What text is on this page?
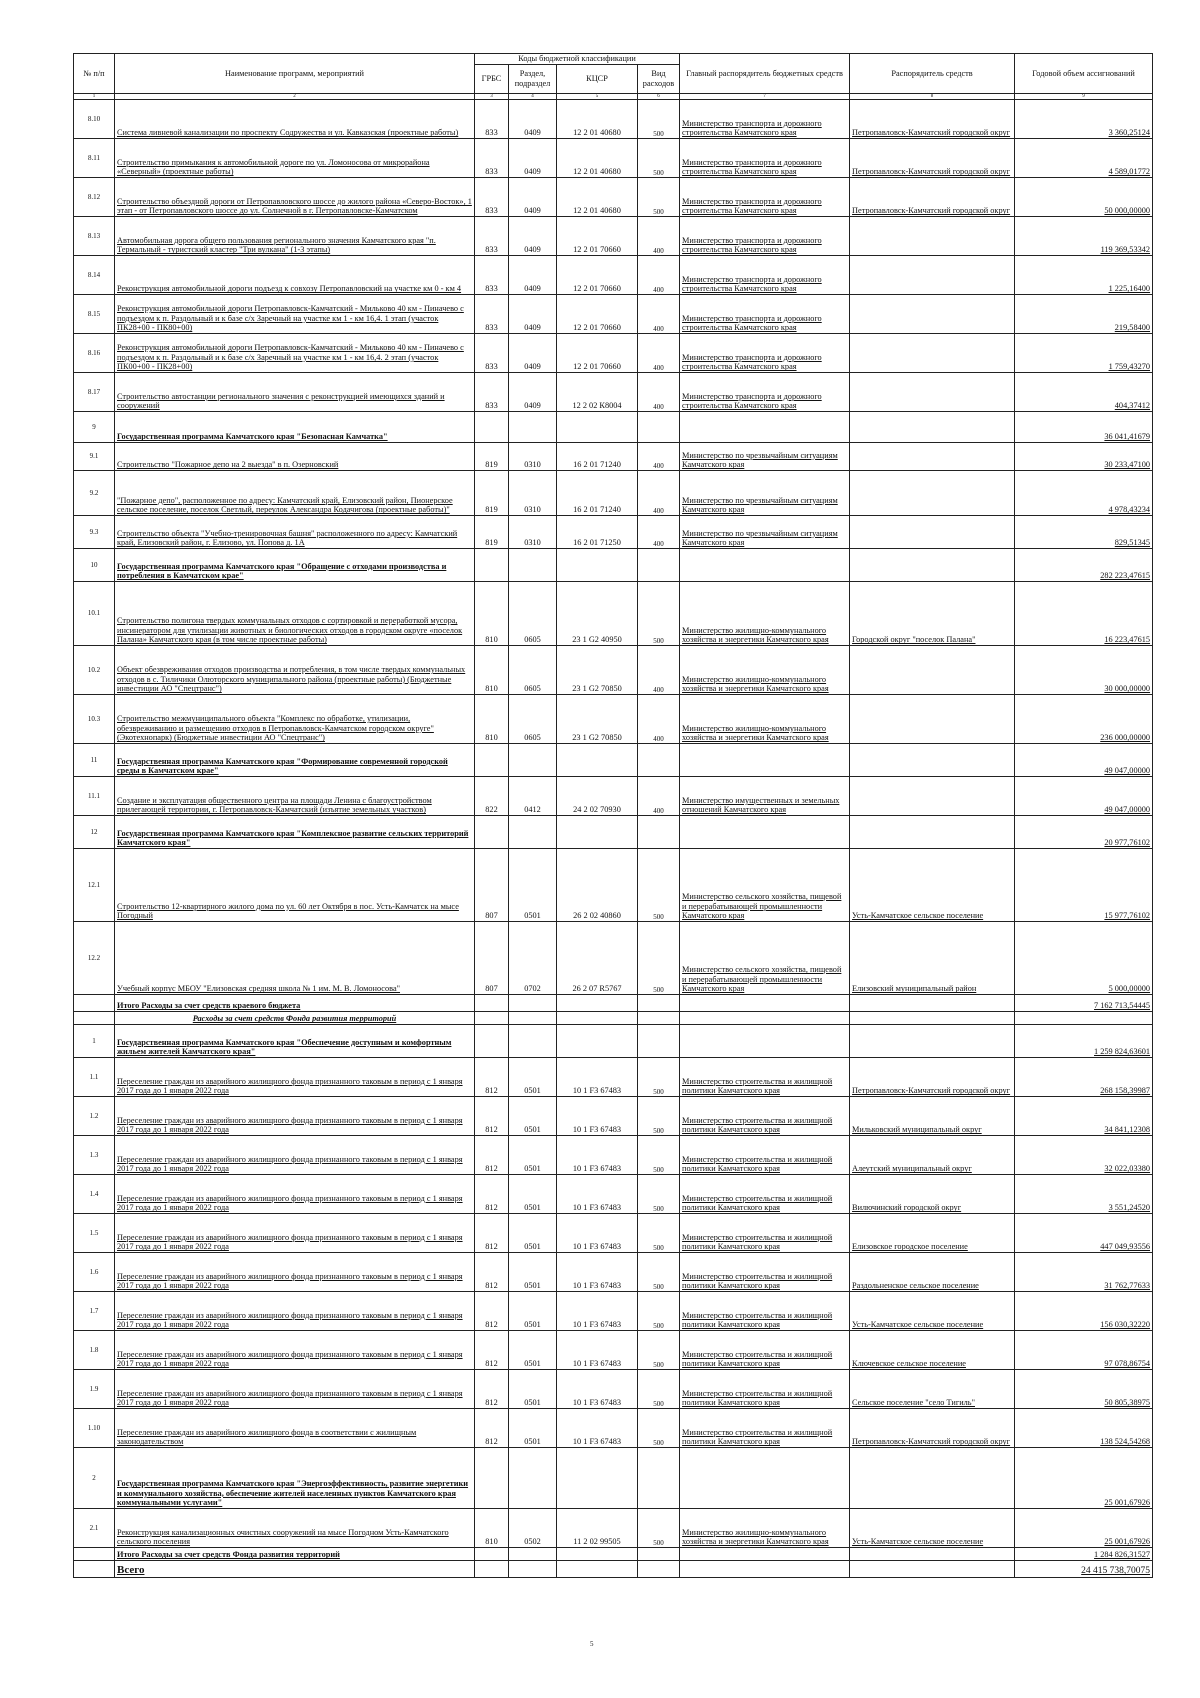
№ п/п	Наименование программ, мероприятий	Коды бюджетной классификации				Главный распорядитель бюджетных средств	Распорядитель средств	Годовой объем ассигнований
		ГРБС	Раздел, подраздел	КЦСР	Вид расходов			
1	2	3	4	5	6	7	8	9
8.10	Система ливневой канализации по проспекту Содружества и ул. Кавказская (проектные работы)	833	0409	12 2 01 40680	500	Министерство транспорта и дорожного строительства Камчатского края	Петропавловск-Камчатский городской округ	3 360,25124
8.11	Строительство примыкания к автомобильной дороге по ул. Ломоносова от микрорайона «Северный» (проектные работы)	833	0409	12 2 01 40680	500	Министерство транспорта и дорожного строительства Камчатского края	Петропавловск-Камчатский городской округ	4 589,01772
8.12	Строительство объездной дороги от Петропавловского шоссе до жилого района «Северо-Восток», 1 этап - от Петропавловского шоссе до ул. Солнечной в г. Петропавловске-Камчатском	833	0409	12 2 01 40680	500	Министерство транспорта и дорожного строительства Камчатского края	Петропавловск-Камчатский городской округ	50 000,00000
8.13	Автомобильная дорога общего пользования регионального значения Камчатского края "п. Термальный - туристский кластер "Три вулкана" (1-3 этапы)	833	0409	12 2 01 70660	400	Министерство транспорта и дорожного строительства Камчатского края		119 369,53342
8.14	Реконструкция автомобильной дороги подъезд к совхозу Петропавловский на участке км 0 - км 4	833	0409	12 2 01 70660	400	Министерство транспорта и дорожного строительства Камчатского края		1 225,16400
8.15	Реконструкция автомобильной дороги Петропавловск-Камчатский - Мильково 40 км - Пиначево с подъездом к п. Раздольный и к базе с/х Заречный на участке км 1 - км 16,4. 1 этап (участок ПК28+00 - ПК80+00)	833	0409	12 2 01 70660	400	Министерство транспорта и дорожного строительства Камчатского края		219,58400
8.16	Реконструкция автомобильной дороги Петропавловск-Камчатский - Мильково 40 км - Пиначево с подъездом к п. Раздольный и к базе с/х Заречный на участке км 1 - км 16,4. 2 этап (участок ПК00+00 - ПК28+00)	833	0409	12 2 01 70660	400	Министерство транспорта и дорожного строительства Камчатского края		1 759,43270
8.17	Строительство автостанции регионального значения с реконструкцией имеющихся зданий и сооружений	833	0409	12 2 02 К8004	400	Министерство транспорта и дорожного строительства Камчатского края		404,37412
9	Государственная программа Камчатского края "Безопасная Камчатка"							36 041,41679
9.1	Строительство "Пожарное депо на 2 выезда" в п. Озерновский	819	0310	16 2 01 71240	400	Министерство по чрезвычайным ситуациям Камчатского края		30 233,47100
9.2	"Пожарное депо", расположенное по адресу: Камчатский край, Елизовский район, Пионерское сельское поселение, поселок Светлый, переулок Александра Кодачигова (проектные работы)"	819	0310	16 2 01 71240	400	Министерство по чрезвычайным ситуациям Камчатского края		4 978,43234
9.3	Строительство объекта "Учебно-тренировочная башня" расположенного по адресу: Камчатский край, Елизовский район, г. Елизово, ул. Попова д. 1А	819	0310	16 2 01 71250	400	Министерство по чрезвычайным ситуациям Камчатского края		829,51345
10	Государственная программа Камчатского края "Обращение с отходами производства и потребления в Камчатском крае"							282 223,47615
10.1	Строительство полигона твердых коммунальных отходов с сортировкой и переработкой мусора, инсинератором для утилизации животных и биологических отходов в городском округе «поселок Палана» Камчатского края (в том числе проектные работы)	810	0605	23 1 G2 40950	500	Министерство жилищно-коммунального хозяйства и энергетики Камчатского края	Городской округ "поселок Палана"	16 223,47615
10.2	Объект обезвреживания отходов производства и потребления, в том числе твердых коммунальных отходов в с. Тиличики Олюторского муниципального района (проектные работы) (Бюджетные инвестиции АО "Спецтранс")	810	0605	23 1 G2 70850	400	Министерство жилищно-коммунального хозяйства и энергетики Камчатского края		30 000,00000
10.3	Строительство межмуниципального объекта "Комплекс по обработке, утилизации, обезвреживанию и размещению отходов в Петропавловск-Камчатском городском округе" (Экотехнопарк) (Бюджетные инвестиции АО "Спецтранс")	810	0605	23 1 G2 70850	400	Министерство жилищно-коммунального хозяйства и энергетики Камчатского края		236 000,00000
11	Государственная программа Камчатского края "Формирование современной городской среды в Камчатском крае"							49 047,00000
11.1	Создание и эксплуатация общественного центра на площади Ленина с благоустройством прилегающей территории, г. Петропавловск-Камчатский (изъятие земельных участков)	822	0412	24 2 02 70930	400	Министерство имущественных и земельных отношений Камчатского края		49 047,00000
12	Государственная программа Камчатского края "Комплексное развитие сельских территорий Камчатского края"							20 977,76102
12.1	Строительство 12-квартирного жилого дома по ул. 60 лет Октября в пос. Усть-Камчатск на мысе Погодный	807	0501	26 2 02 40860	500	Министерство сельского хозяйства, пищевой и перерабатывающей промышленности Камчатского края	Усть-Камчатское сельское поселение	15 977,76102
12.2	Учебный корпус МБОУ "Елизовская средняя школа № 1 им. М. В. Ломоносова"	807	0702	26 2 07 R5767	500	Министерство сельского хозяйства, пищевой и перерабатывающей промышленности Камчатского края	Елизовский муниципальный район	5 000,00000
	Итого Расходы за счет средств краевого бюджета							7 162 713,54445
	Расходы за счет средств Фонда развития территорий							
1	Государственная программа Камчатского края "Обеспечение доступным и комфортным жильем жителей Камчатского края"							1 259 824,63601
1.1	Переселение граждан из аварийного жилищного фонда признанного таковым в период с 1 января 2017 года до 1 января 2022 года	812	0501	10 1 F3 67483	500	Министерство строительства и жилищной политики Камчатского края	Петропавловск-Камчатский городской округ	268 158,39987
1.2	Переселение граждан из аварийного жилищного фонда признанного таковым в период с 1 января 2017 года до 1 января 2022 года	812	0501	10 1 F3 67483	500	Министерство строительства и жилищной политики Камчатского края	Мильковский муниципальный округ	34 841,12308
1.3	Переселение граждан из аварийного жилищного фонда признанного таковым в период с 1 января 2017 года до 1 января 2022 года	812	0501	10 1 F3 67483	500	Министерство строительства и жилищной политики Камчатского края	Алеутский муниципальный округ	32 022,03380
1.4	Переселение граждан из аварийного жилищного фонда признанного таковым в период с 1 января 2017 года до 1 января 2022 года	812	0501	10 1 F3 67483	500	Министерство строительства и жилищной политики Камчатского края	Вилючинский городской округ	3 551,24520
1.5	Переселение граждан из аварийного жилищного фонда признанного таковым в период с 1 января 2017 года до 1 января 2022 года	812	0501	10 1 F3 67483	500	Министерство строительства и жилищной политики Камчатского края	Елизовское городское поселение	447 049,93556
1.6	Переселение граждан из аварийного жилищного фонда признанного таковым в период с 1 января 2017 года до 1 января 2022 года	812	0501	10 1 F3 67483	500	Министерство строительства и жилищной политики Камчатского края	Раздольненское сельское поселение	31 762,77633
1.7	Переселение граждан из аварийного жилищного фонда признанного таковым в период с 1 января 2017 года до 1 января 2022 года	812	0501	10 1 F3 67483	500	Министерство строительства и жилищной политики Камчатского края	Усть-Камчатское сельское поселение	156 030,32220
1.8	Переселение граждан из аварийного жилищного фонда признанного таковым в период с 1 января 2017 года до 1 января 2022 года	812	0501	10 1 F3 67483	500	Министерство строительства и жилищной политики Камчатского края	Ключевское сельское поселение	97 078,86754
1.9	Переселение граждан из аварийного жилищного фонда признанного таковым в период с 1 января 2017 года до 1 января 2022 года	812	0501	10 1 F3 67483	500	Министерство строительства и жилищной политики Камчатского края	Сельское поселение "село Тигиль"	50 805,38975
1.10	Переселение граждан из аварийного жилищного фонда в соответствии с жилищным законодательством	812	0501	10 1 F3 67483	500	Министерство строительства и жилищной политики Камчатского края	Петропавловск-Камчатский городской округ	138 524,54268
2	Государственная программа Камчатского края "Энергоэффективность, развитие энергетики и коммунального хозяйства, обеспечение жителей населенных пунктов Камчатского края коммунальными услугами"							25 001,67926
2.1	Реконструкция канализационных очистных сооружений на мысе Погодном Усть-Камчатского сельского поселения	810	0502	11 2 02 99505	500	Министерство жилищно-коммунального хозяйства и энергетики Камчатского края	Усть-Камчатское сельское поселение	25 001,67926
	Итого Расходы за счет средств Фонда развития территорий							1 284 826,31527
	Всего							24 415 738,70075
5
